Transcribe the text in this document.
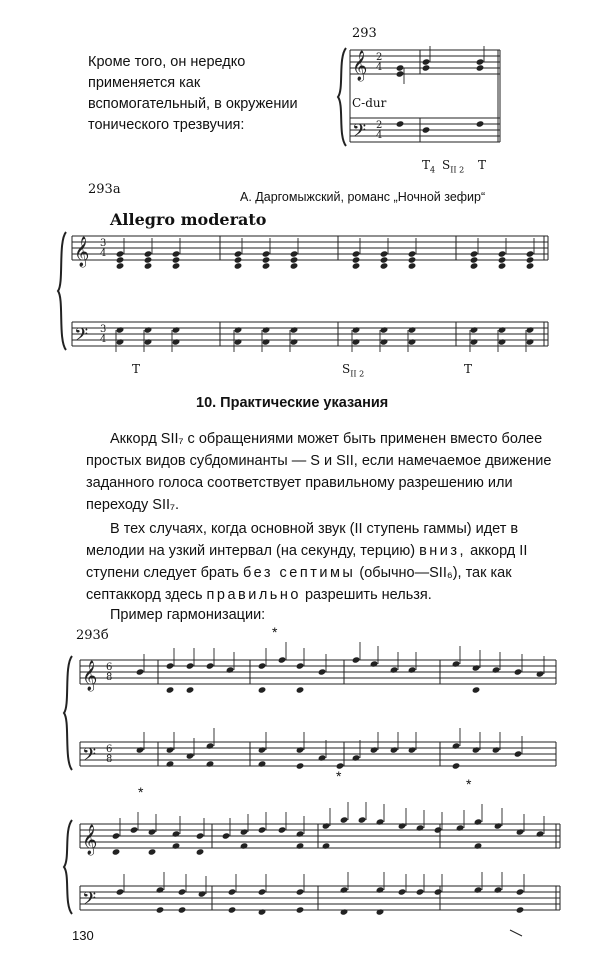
Кроме того, он нередко применяется как вспомогательный, в окружении тонического трезвучия:
293
C-dur
$T_4$ $S_{II 2}$ T
293а	А. Даргомыжский, романс „Ночной зефир“
Allegro moderato
T	$S_{II 2}$	T
10. Практические указания
Аккорд SII₇ с обращениями может быть применен вместо более простых видов субдоминанты — S и SII, если намечаемое движение заданного голоса соответствует правильному разрешению или переходу SII₇.
В тех случаях, когда основной звук (II ступень гаммы) идет в мелодии на узкий интервал (на секунду, терцию) вниз, аккорд II ступени следует брать без септимы (обычно—SII₆), так как септаккорд здесь правильно разрешить нельзя.
Пример гармонизации:
293б	*
*
*	*
130
𝄞
𝄢
2
4
2
4
𝄞
𝄢
3
4
3
4
𝄞
𝄢
6
8
6
8
𝄞
𝄢
